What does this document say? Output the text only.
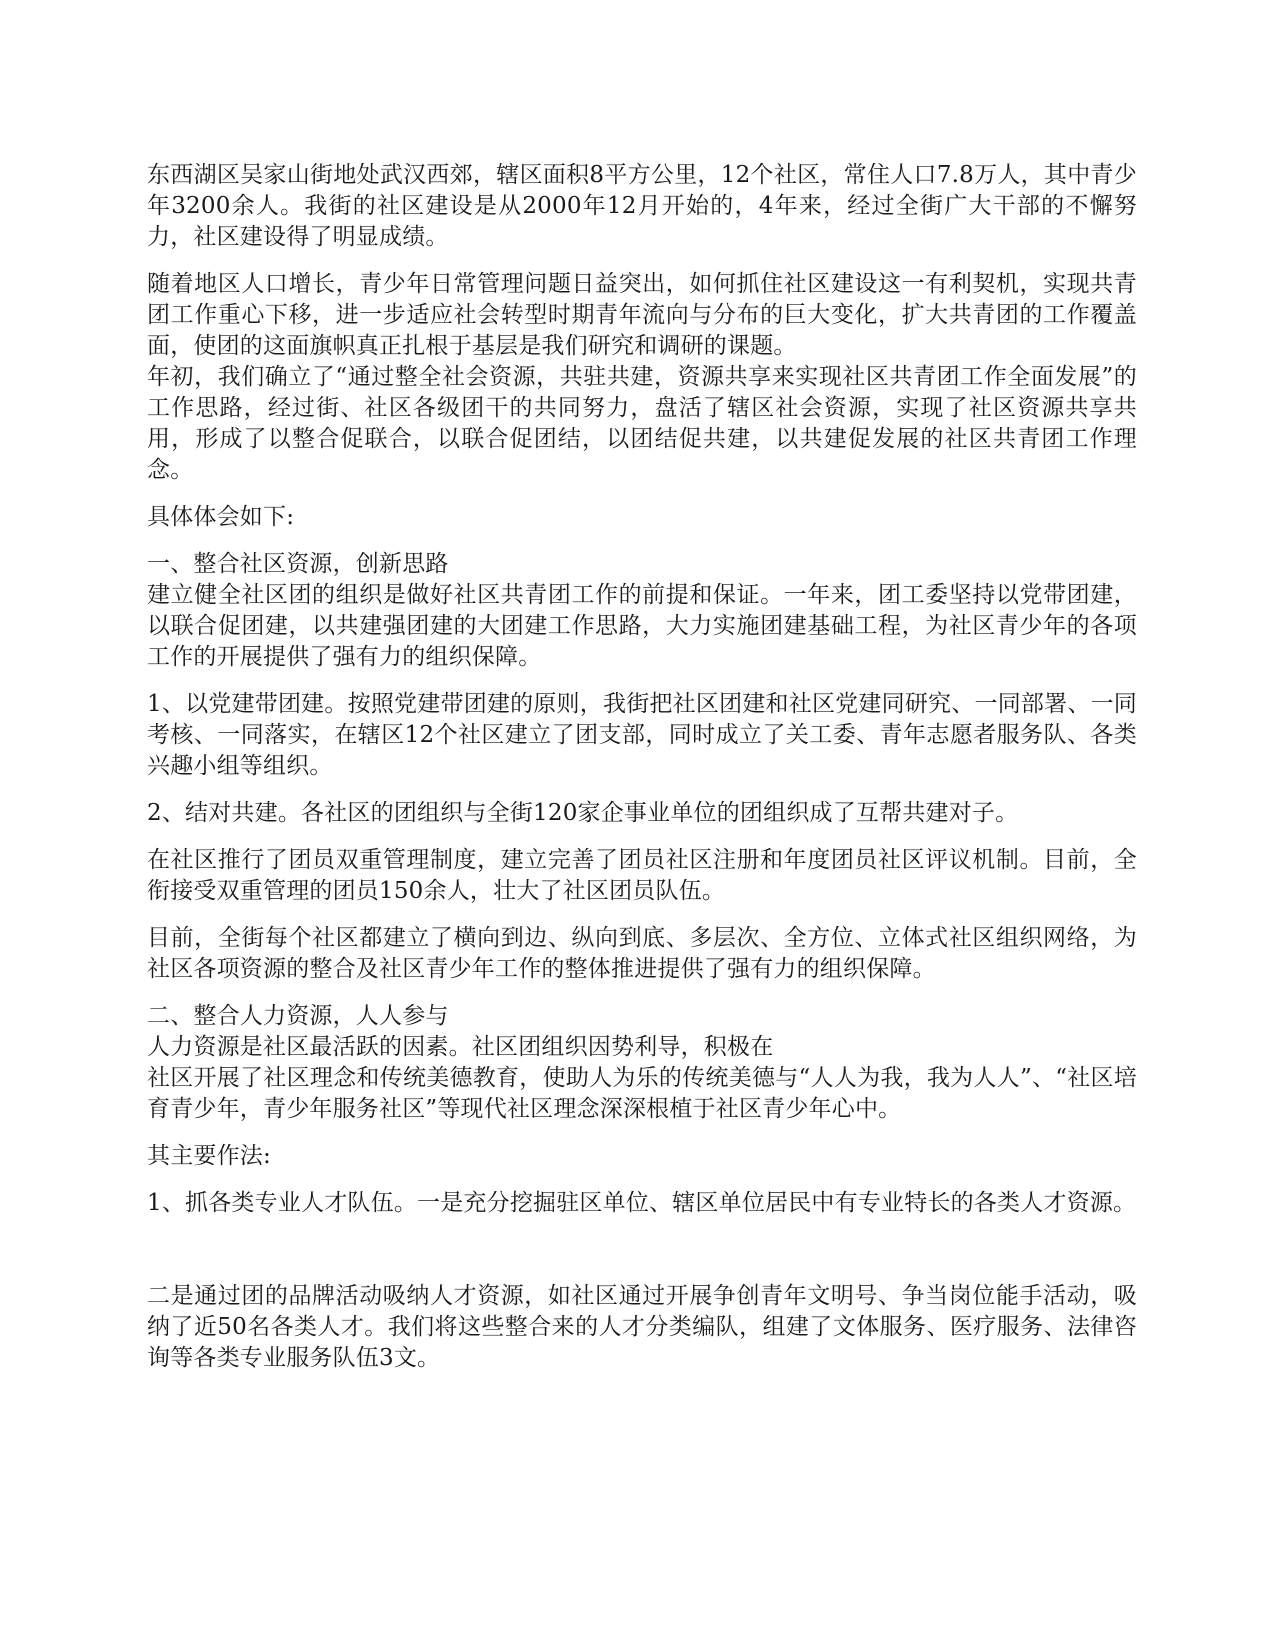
东西湖区吴家山街地处武汉西郊，辖区面积8平方公里，12个社区，常住人口7.8万人，其中青少年3200余人。我街的社区建设是从2000年12月开始的，4年来，经过全街广大干部的不懈努力，社区建设得了明显成绩。

随着地区人口增长，青少年日常管理问题日益突出，如何抓住社区建设这一有利契机，实现共青团工作重心下移，进一步适应社会转型时期青年流向与分布的巨大变化，扩大共青团的工作覆盖面，使团的这面旗帜真正扎根于基层是我们研究和调研的课题。

年初，我们确立了“通过整全社会资源，共驻共建，资源共享来实现社区共青团工作全面发展”的工作思路，经过街、社区各级团干的共同努力，盘活了辖区社会资源，实现了社区资源共享共用，形成了以整合促联合，以联合促团结，以团结促共建，以共建促发展的社区共青团工作理念。

具体体会如下:

一、整合社区资源，创新思路

建立健全社区团的组织是做好社区共青团工作的前提和保证。一年来，团工委坚持以党带团建，以联合促团建，以共建强团建的大团建工作思路，大力实施团建基础工程，为社区青少年的各项工作的开展提供了强有力的组织保障。

1、以党建带团建。按照党建带团建的原则，我街把社区团建和社区党建同研究、一同部署、一同考核、一同落实，在辖区12个社区建立了团支部，同时成立了关工委、青年志愿者服务队、各类兴趣小组等组织。

2、结对共建。各社区的团组织与全街120家企事业单位的团组织成了互帮共建对子。

在社区推行了团员双重管理制度，建立完善了团员社区注册和年度团员社区评议机制。目前，全衔接受双重管理的团员150余人，壮大了社区团员队伍。

目前，全街每个社区都建立了横向到边、纵向到底、多层次、全方位、立体式社区组织网络，为社区各项资源的整合及社区青少年工作的整体推进提供了强有力的组织保障。

二、整合人力资源，人人参与

人力资源是社区最活跃的因素。社区团组织因势利导，积极在

社区开展了社区理念和传统美德教育，使助人为乐的传统美德与“人人为我，我为人人”、“社区培育青少年，青少年服务社区”等现代社区理念深深根植于社区青少年心中。

其主要作法:

1、抓各类专业人才队伍。一是充分挖掘驻区单位、辖区单位居民中有专业特长的各类人才资源。

二是通过团的品牌活动吸纳人才资源，如社区通过开展争创青年文明号、争当岗位能手活动，吸纳了近50名各类人才。我们将这些整合来的人才分类编队，组建了文体服务、医疗服务、法律咨询等各类专业服务队伍3文。
